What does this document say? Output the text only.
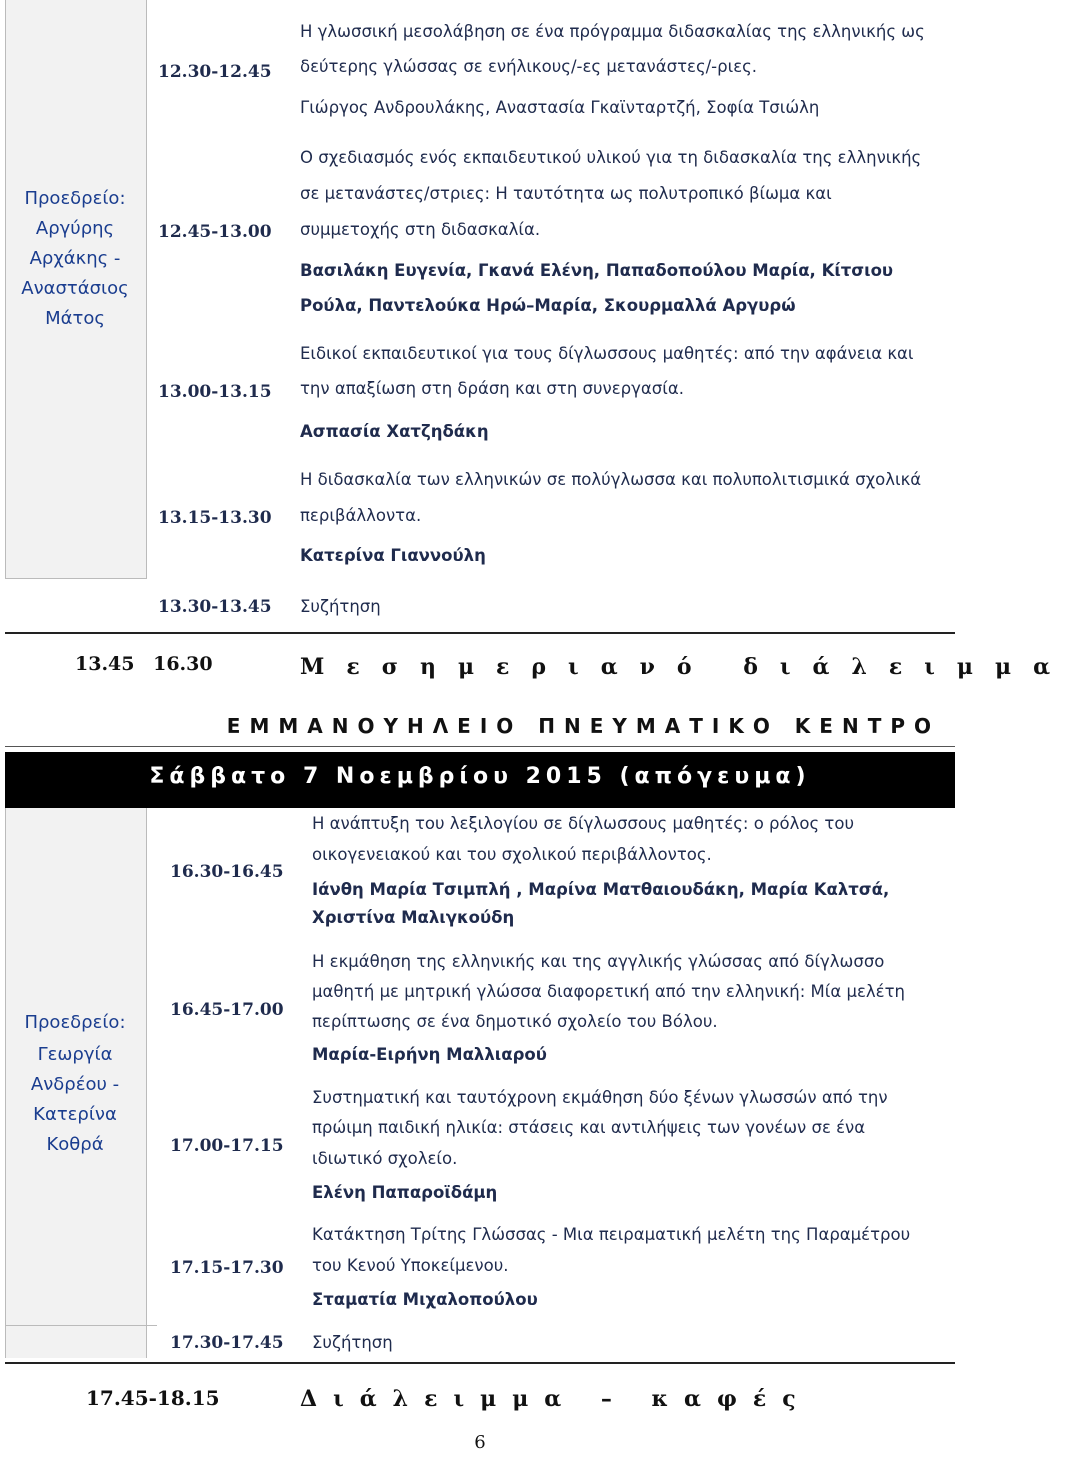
Προεδρείο:
Αργύρης
Αρχάκης -
Αναστάσιος
Μάτος
12.30-12.45
Η γλωσσική μεσολάβηση σε ένα πρόγραμμα διδασκαλίας της ελληνικής ως
δεύτερης γλώσσας σε ενήλικους/-ες μετανάστες/-ριες.
Γιώργος Ανδρουλάκης, Αναστασία Γκαϊνταρτζή, Σοφία Τσιώλη
12.45-13.00
Ο σχεδιασμός ενός εκπαιδευτικού υλικού για τη διδασκαλία της ελληνικής
σε μετανάστες/στριες: Η ταυτότητα ως πολυτροπικό βίωμα και
συμμετοχής στη διδασκαλία.
Βασιλάκη Ευγενία, Γκανά Ελένη, Παπαδοπούλου Μαρία, Κίτσιου
Ρούλα, Παντελούκα Ηρώ–Μαρία, Σκουρμαλλά Αργυρώ
13.00-13.15
Ειδικοί εκπαιδευτικοί για τους δίγλωσσους μαθητές: από την αφάνεια και
την απαξίωση στη δράση και στη συνεργασία.
Ασπασία Χατζηδάκη
13.15-13.30
Η διδασκαλία των ελληνικών σε πολύγλωσσα και πολυπολιτισμικά σχολικά
περιβάλλοντα.
Κατερίνα Γιαννούλη
13.30-13.45 Συζήτηση
13.45 16.30	Μεσημεριανό διάλειμμα
ΕΜΜΑΝΟΥΗΛΕΙΟ ΠΝΕΥΜΑΤΙΚΟ ΚΕΝΤΡΟ
Σάββατο 7 Νοεμβρίου 2015 (απόγευμα)
Προεδρείο:
Γεωργία
Ανδρέου -
Κατερίνα
Κοθρά
16.30-16.45
Η ανάπτυξη του λεξιλογίου σε δίγλωσσους μαθητές: ο ρόλος του
οικογενειακού και του σχολικού περιβάλλοντος.
Ιάνθη Μαρία Τσιμπλή , Μαρίνα Ματθαιουδάκη, Μαρία Καλτσά,
Χριστίνα Μαλιγκούδη
16.45-17.00
Η εκμάθηση της ελληνικής και της αγγλικής γλώσσας από δίγλωσσο
μαθητή με μητρική γλώσσα διαφορετική από την ελληνική: Μία μελέτη
περίπτωσης σε ένα δημοτικό σχολείο του Βόλου.
Μαρία-Ειρήνη Μαλλιαρού
17.00-17.15
Συστηματική και ταυτόχρονη εκμάθηση δύο ξένων γλωσσών από την
πρώιμη παιδική ηλικία: στάσεις και αντιλήψεις των γονέων σε ένα
ιδιωτικό σχολείο.
Ελένη Παπαροϊδάμη
17.15-17.30
Κατάκτηση Τρίτης Γλώσσας - Μια πειραματική μελέτη της Παραμέτρου
του Κενού Υποκείμενου.
Σταματία Μιχαλοπούλου
17.30-17.45 Συζήτηση
17.45-18.15	Διάλειμμα – καφές
6
